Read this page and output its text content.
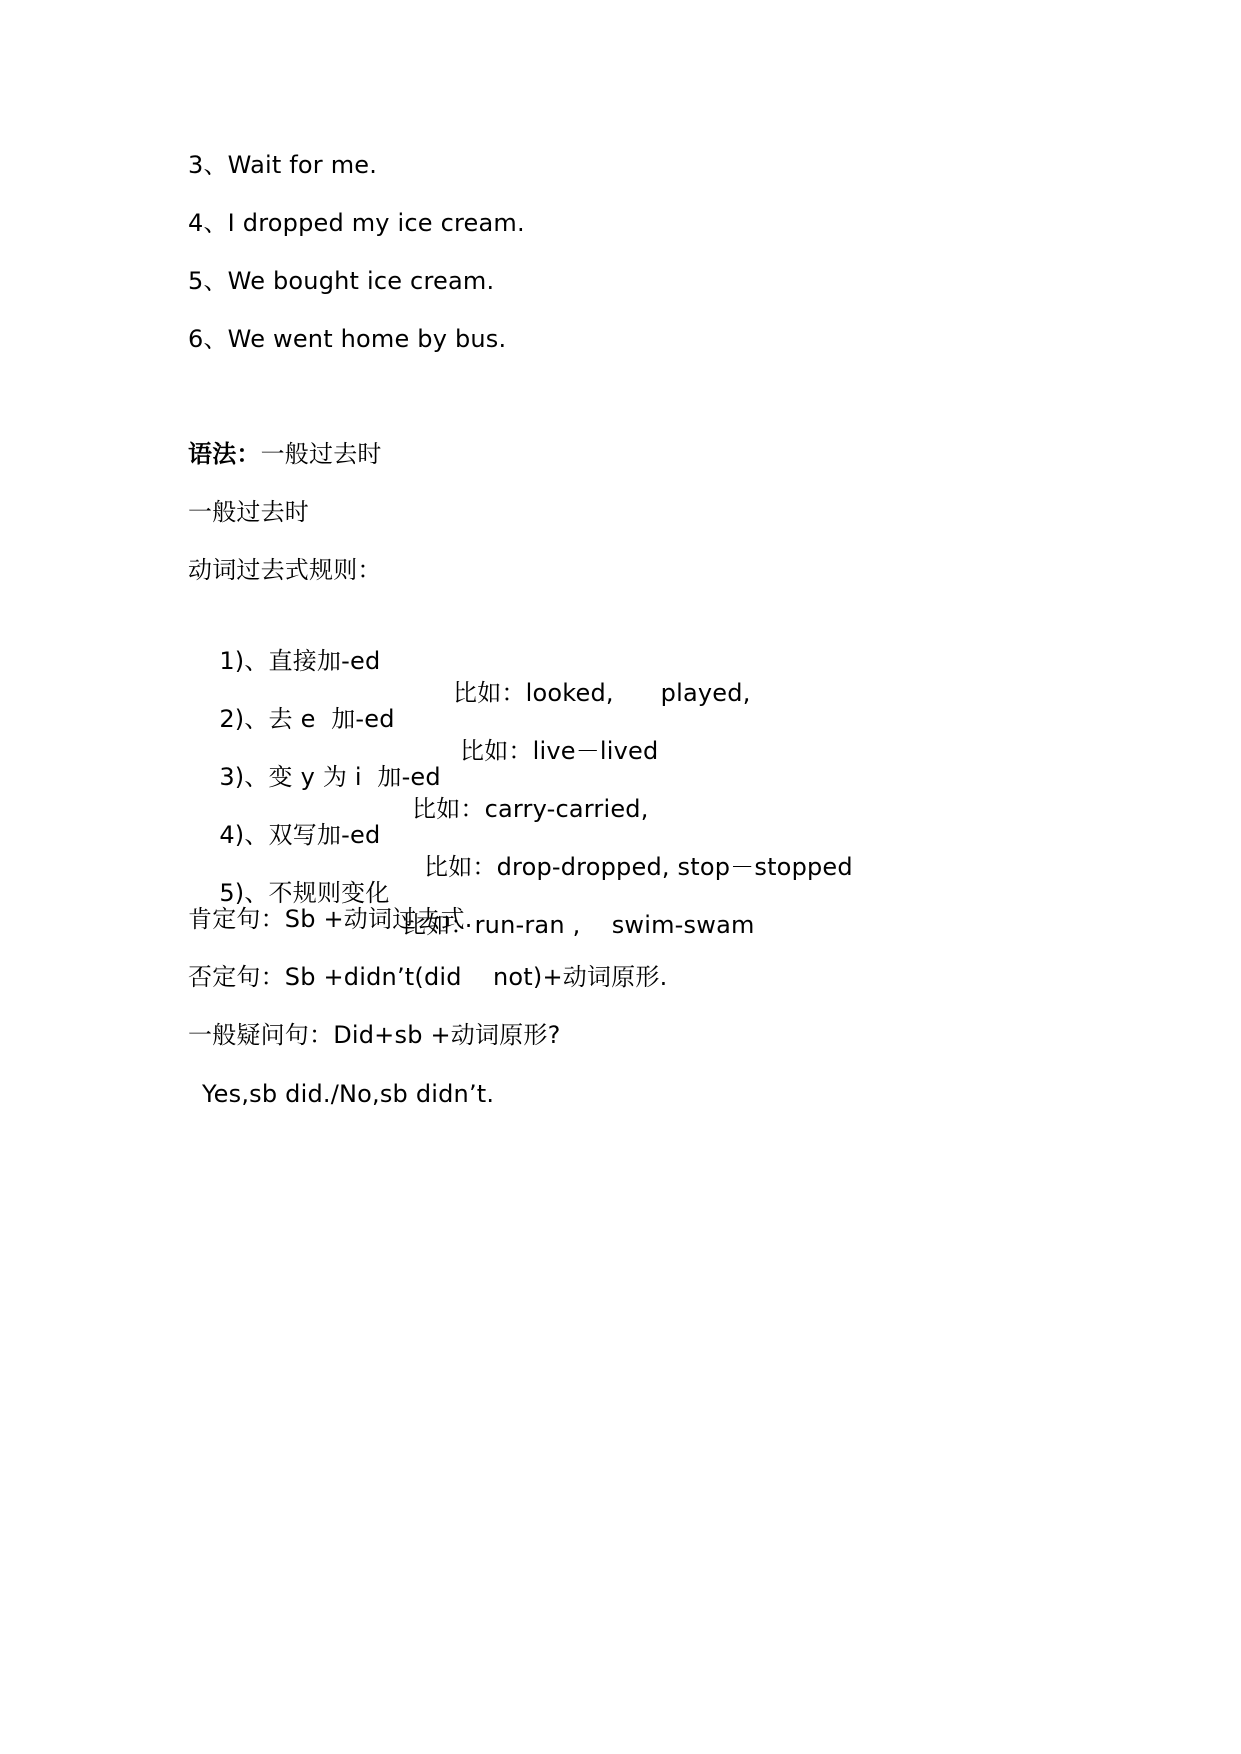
3、Wait for me.
4、I dropped my ice cream.
5、We bought ice cream.
6、We went home by bus.
语法：一般过去时
一般过去时
动词过去式规则：

1)、直接加-ed

比如：looked,      played,

2)、去 e  加-ed

比如：live－lived

3)、变 y 为 i  加-ed

比如：carry-carried,

4)、双写加-ed

比如：drop-dropped, stop－stopped

5)、不规则变化

比如：run-ran ,    swim-swam

肯定句：Sb +动词过去式.
否定句：Sb +didn’t(did    not)+动词原形.
一般疑问句：Did+sb +动词原形?
Yes,sb did./No,sb didn’t.
